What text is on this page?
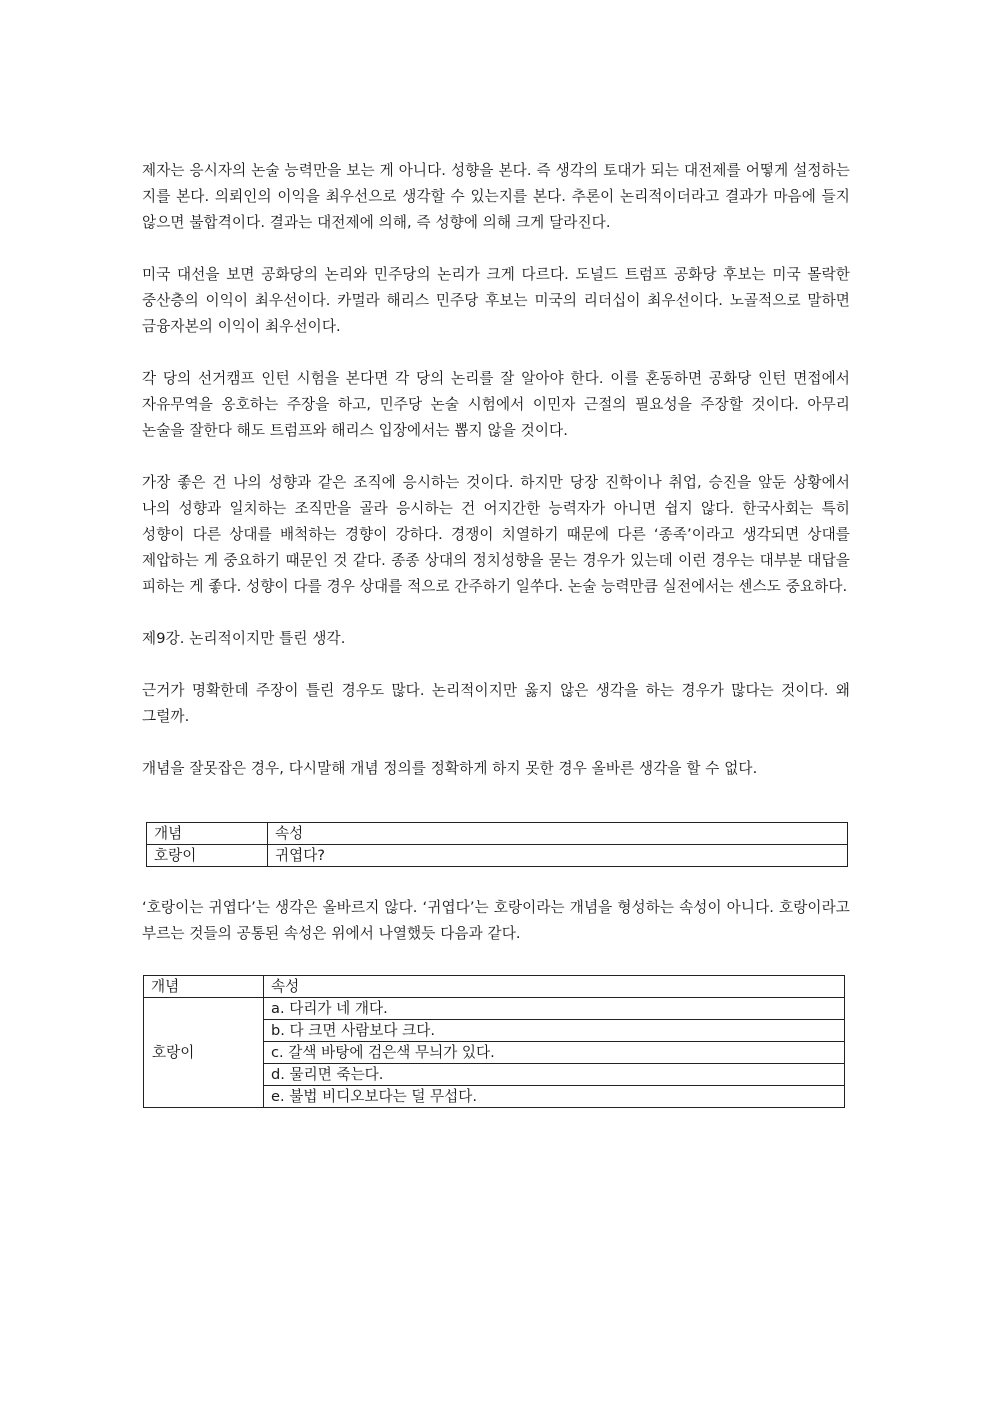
제자는 응시자의 논술 능력만을 보는 게 아니다. 성향을 본다. 즉 생각의 토대가 되는 대전제를 어떻게 설정하는 지를 본다. 의뢰인의 이익을 최우선으로 생각할 수 있는지를 본다. 추론이 논리적이더라고 결과가 마음에 들지 않으면 불합격이다. 결과는 대전제에 의해, 즉 성향에 의해 크게 달라진다.

미국 대선을 보면 공화당의 논리와 민주당의 논리가 크게 다르다. 도널드 트럼프 공화당 후보는 미국 몰락한 중산층의 이익이 최우선이다. 카멀라 해리스 민주당 후보는 미국의 리더십이 최우선이다. 노골적으로 말하면 금융자본의 이익이 최우선이다.

각 당의 선거캠프 인턴 시험을 본다면 각 당의 논리를 잘 알아야 한다. 이를 혼동하면 공화당 인턴 면접에서 자유무역을 옹호하는 주장을 하고, 민주당 논술 시험에서 이민자 근절의 필요성을 주장할 것이다. 아무리 논술을 잘한다 해도 트럼프와 해리스 입장에서는 뽑지 않을 것이다.

가장 좋은 건 나의 성향과 같은 조직에 응시하는 것이다. 하지만 당장 진학이나 취업, 승진을 앞둔 상황에서 나의 성향과 일치하는 조직만을 골라 응시하는 건 어지간한 능력자가 아니면 쉽지 않다. 한국사회는 특히 성향이 다른 상대를 배척하는 경향이 강하다. 경쟁이 치열하기 때문에 다른 ‘종족’이라고 생각되면 상대를 제압하는 게 중요하기 때문인 것 같다. 종종 상대의 정치성향을 묻는 경우가 있는데 이런 경우는 대부분 대답을 피하는 게 좋다. 성향이 다를 경우 상대를 적으로 간주하기 일쑤다. 논술 능력만큼 실전에서는 센스도 중요하다.

제9강. 논리적이지만 틀린 생각.

근거가 명확한데 주장이 틀린 경우도 많다. 논리적이지만 옳지 않은 생각을 하는 경우가 많다는 것이다. 왜 그럴까.

개념을 잘못잡은 경우, 다시말해 개념 정의를 정확하게 하지 못한 경우 올바른 생각을 할 수 없다.

개념	속성
호랑이	귀엽다?

‘호랑이는 귀엽다’는 생각은 올바르지 않다. ‘귀엽다’는 호랑이라는 개념을 형성하는 속성이 아니다. 호랑이라고 부르는 것들의 공통된 속성은 위에서 나열했듯 다음과 같다.

개념	속성
호랑이	a. 다리가 네 개다.
	b. 다 크면 사람보다 크다.
	c. 갈색 바탕에 검은색 무늬가 있다.
	d. 물리면 죽는다.
	e. 불법 비디오보다는 덜 무섭다.
